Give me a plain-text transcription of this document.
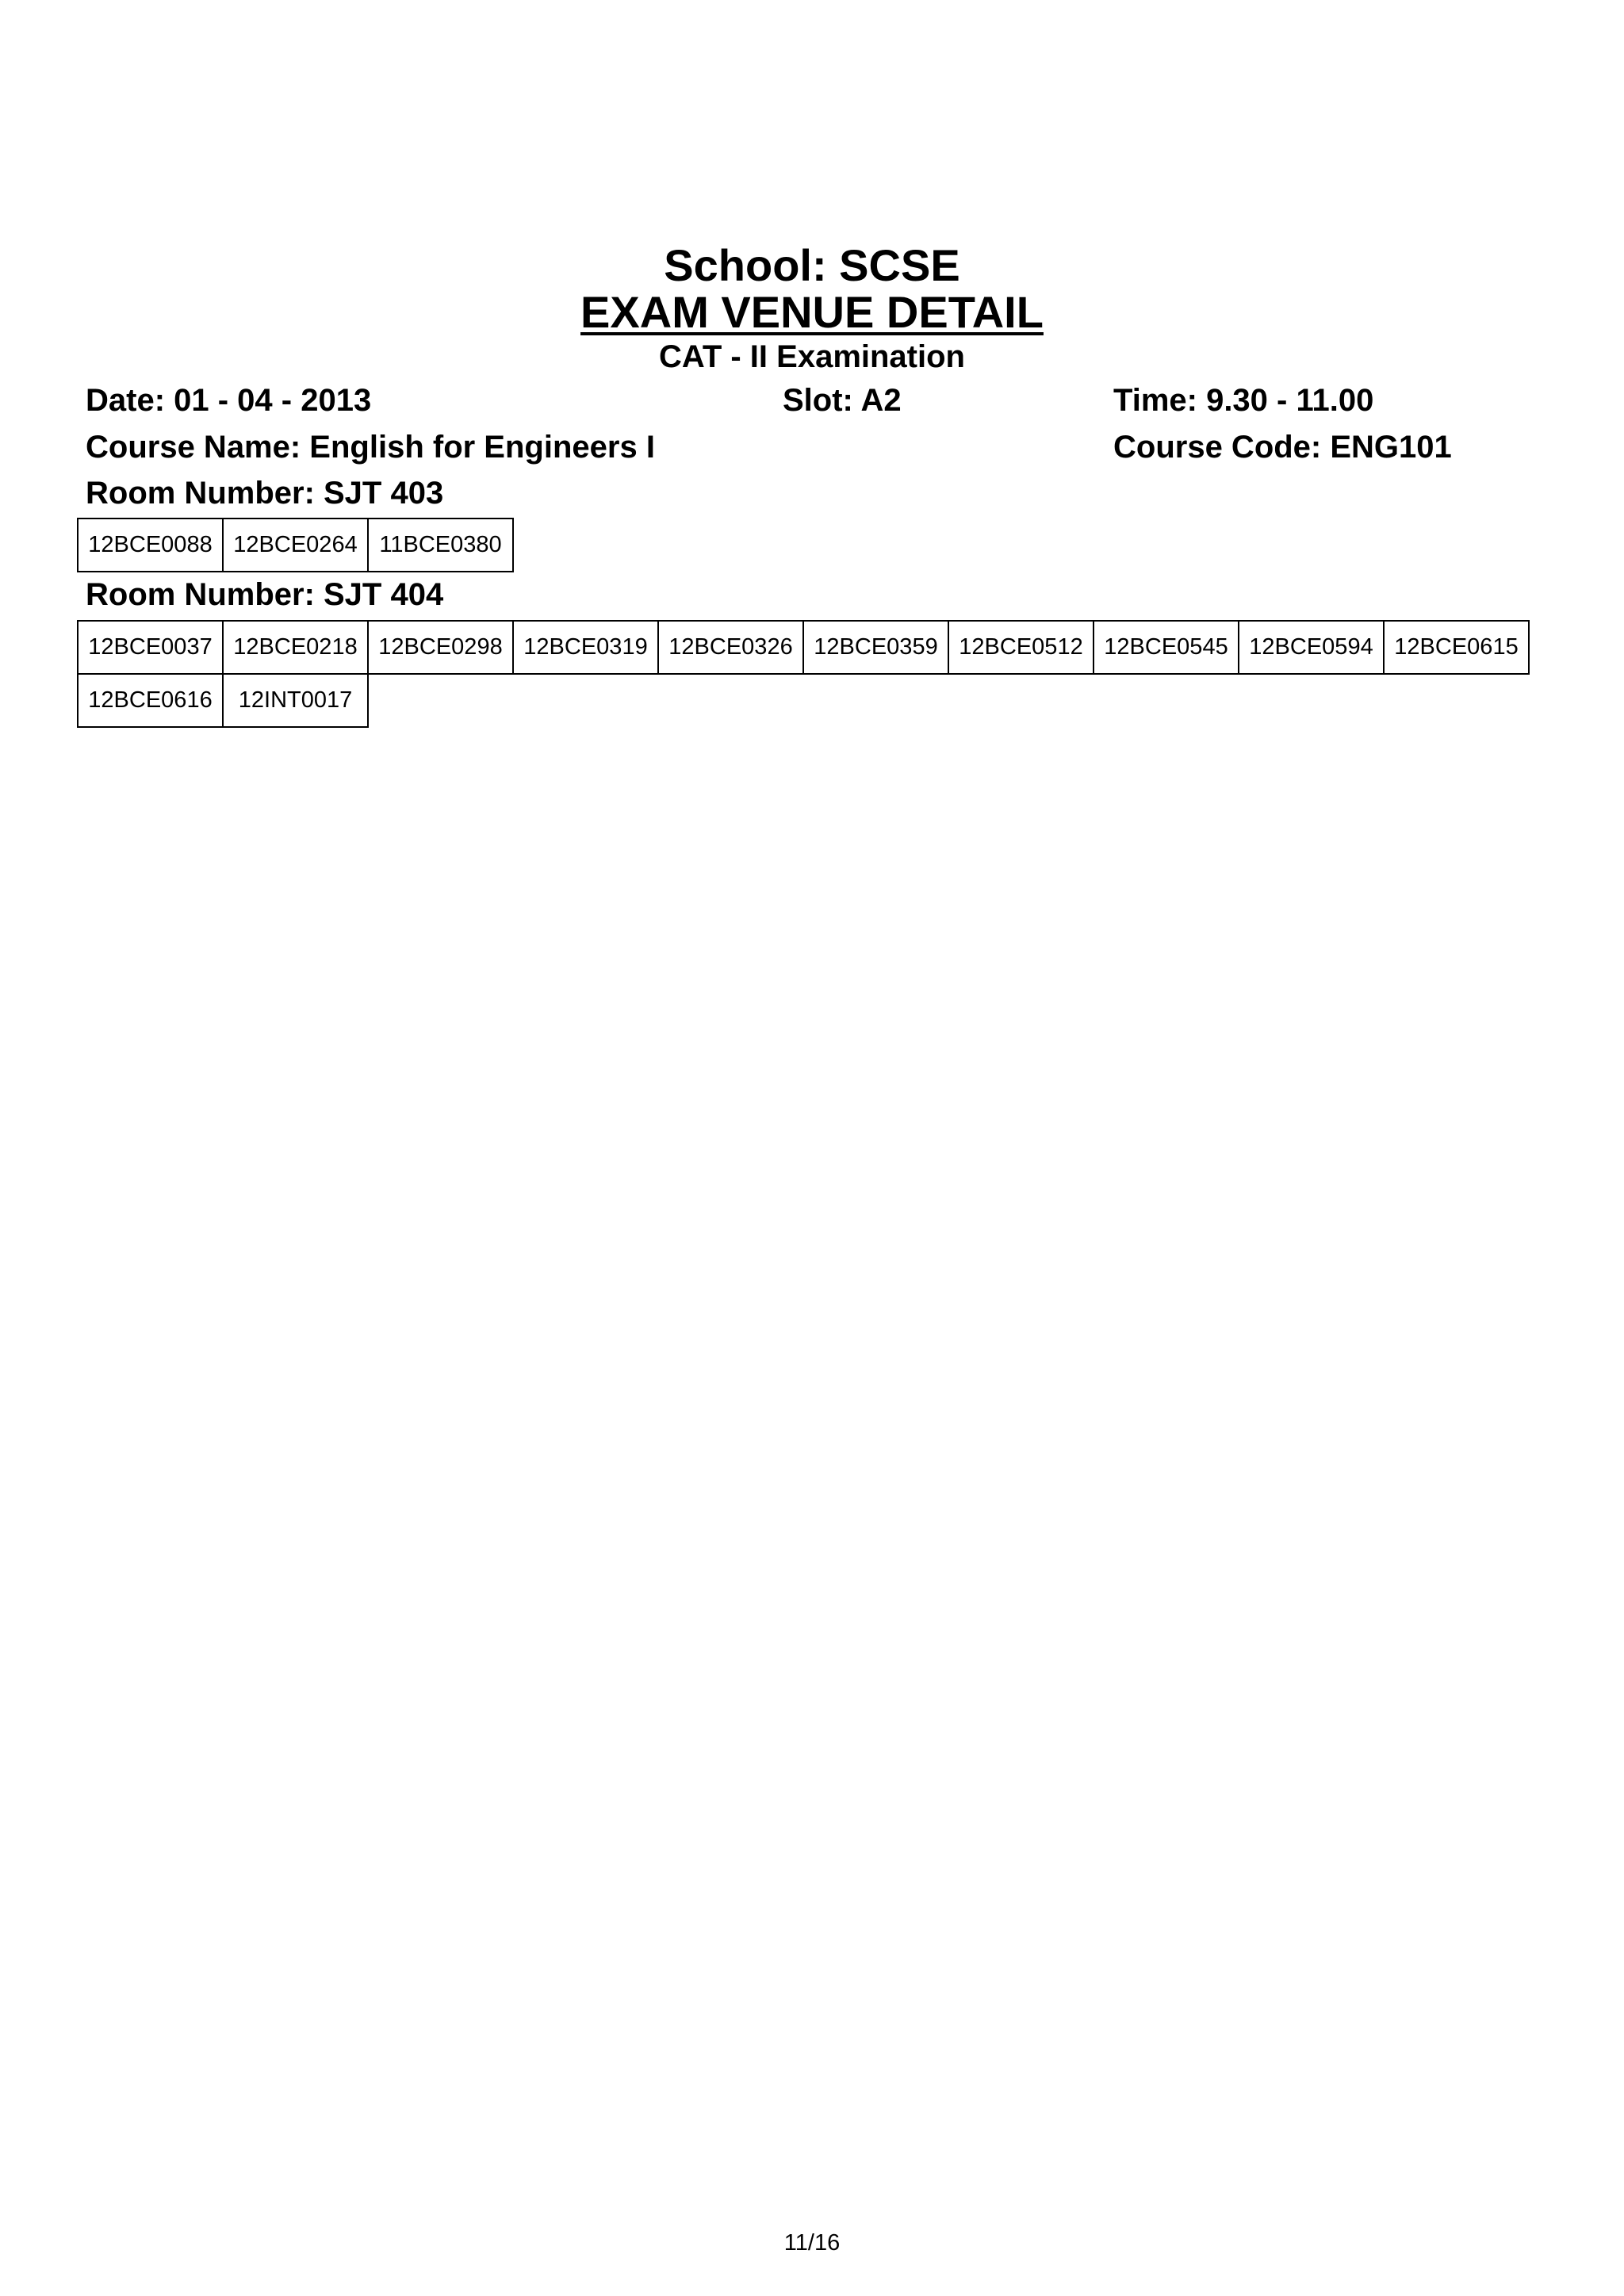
School: SCSE
EXAM VENUE DETAIL
CAT - II Examination
Date: 01 - 04 - 2013	Slot: A2	Time: 9.30 - 11.00
Course Name: English for Engineers I	Course Code: ENG101
Room Number: SJT 403
12BCE0088	12BCE0264	11BCE0380
Room Number: SJT 404
12BCE0037	12BCE0218	12BCE0298	12BCE0319	12BCE0326	12BCE0359	12BCE0512	12BCE0545	12BCE0594	12BCE0615
12BCE0616	12INT0017								
11/16
